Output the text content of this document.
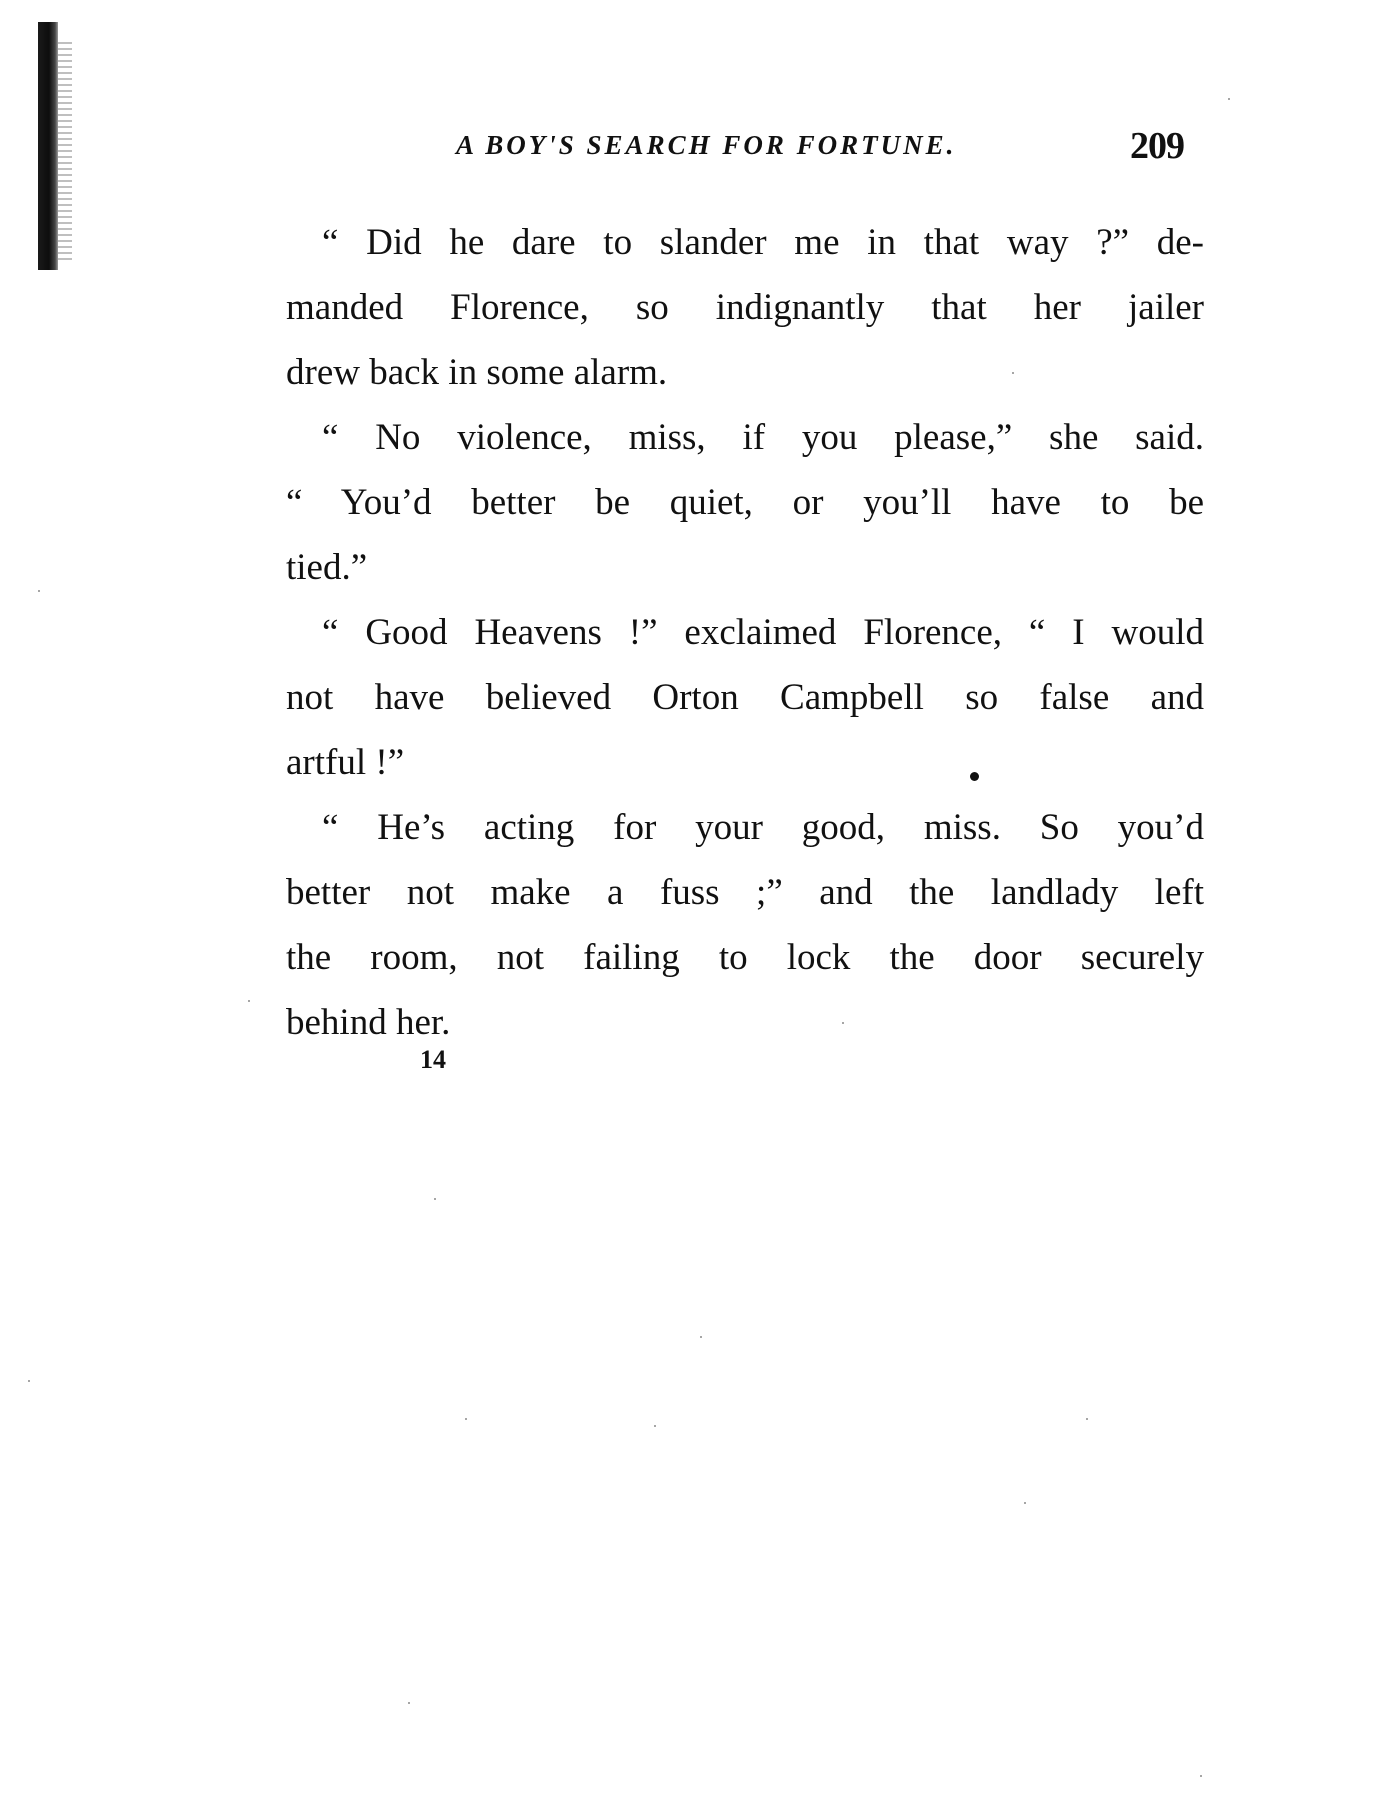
A BOY'S SEARCH FOR FORTUNE.	209
“ Did he dare to slander me in that way ?” de-
manded Florence, so indignantly that her jailer
drew back in some alarm.
“ No violence, miss, if you please,” she said.
“ You’d better be quiet, or you’ll have to be
tied.”
“ Good Heavens !” exclaimed Florence, “ I would
not have believed Orton Campbell so false and
artful !”
“ He’s acting for your good, miss. So you’d
better not make a fuss ;” and the landlady left
the room, not failing to lock the door securely
behind her.
14
